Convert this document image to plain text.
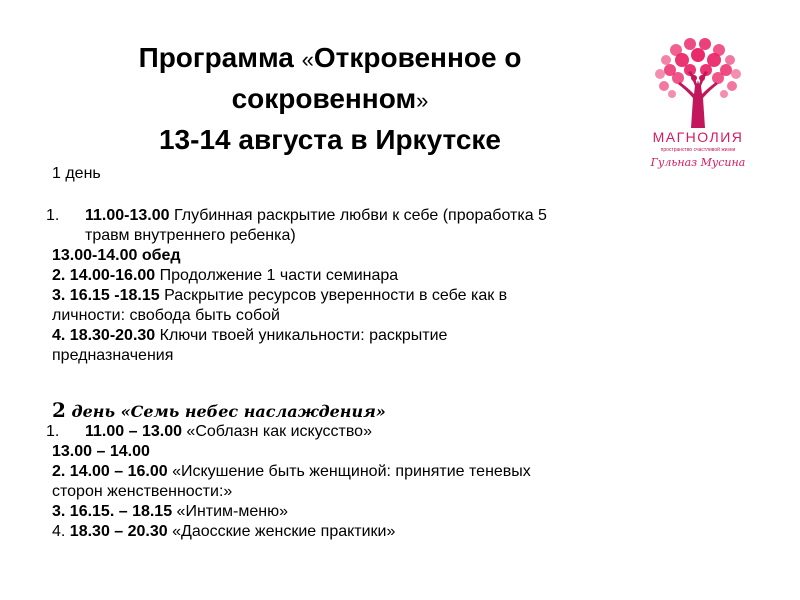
Программа «Откровенное о
сокровенном»
13-14 августа в Иркутске	МАГНОЛИЯ
пространство счастливой жизни
Гульназ Мусина
1 день
1. 11.00-13.00 Глубинная раскрытие любви к себе (проработка 5
травм внутреннего ребенка)
13.00-14.00 обед
2. 14.00-16.00 Продолжение 1 части семинара
3. 16.15 -18.15 Раскрытие ресурсов уверенности в себе как в
личности: свобода быть собой
4. 18.30-20.30 Ключи твоей уникальности: раскрытие
предназначения
2 день «Семь небес наслаждения»
1. 11.00 – 13.00 «Соблазн как искусство»
13.00 – 14.00
2. 14.00 – 16.00 «Искушение быть женщиной: принятие теневых
сторон женственности:»
3. 16.15. – 18.15 «Интим-меню»
4. 18.30 – 20.30 «Даосские женские практики»
